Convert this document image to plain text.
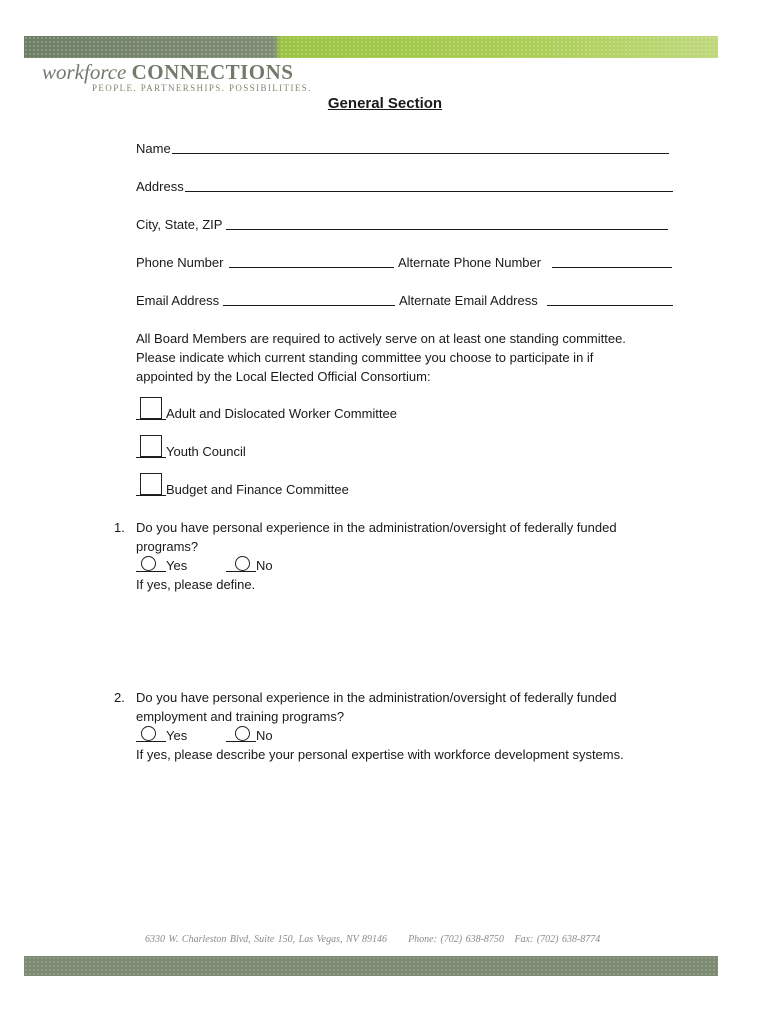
workforce CONNECTIONS
PEOPLE. PARTNERSHIPS. POSSIBILITIES.
General Section
Name
Address
City, State, ZIP
Phone Number	Alternate Phone Number
Email Address	Alternate Email Address
All Board Members are required to actively serve on at least one standing committee.
Please indicate which current standing committee you choose to participate in if
appointed by the Local Elected Official Consortium:
Adult and Dislocated Worker Committee
Youth Council
Budget and Finance Committee
1. Do you have personal experience in the administration/oversight of federally funded
programs?
Yes	No
If yes, please define.
2. Do you have personal experience in the administration/oversight of federally funded
employment and training programs?
Yes	No
If yes, please describe your personal expertise with workforce development systems.
6330 W. Charleston Blvd, Suite 150, Las Vegas, NV 89146 Phone: (702) 638-8750 Fax: (702) 638-8774
